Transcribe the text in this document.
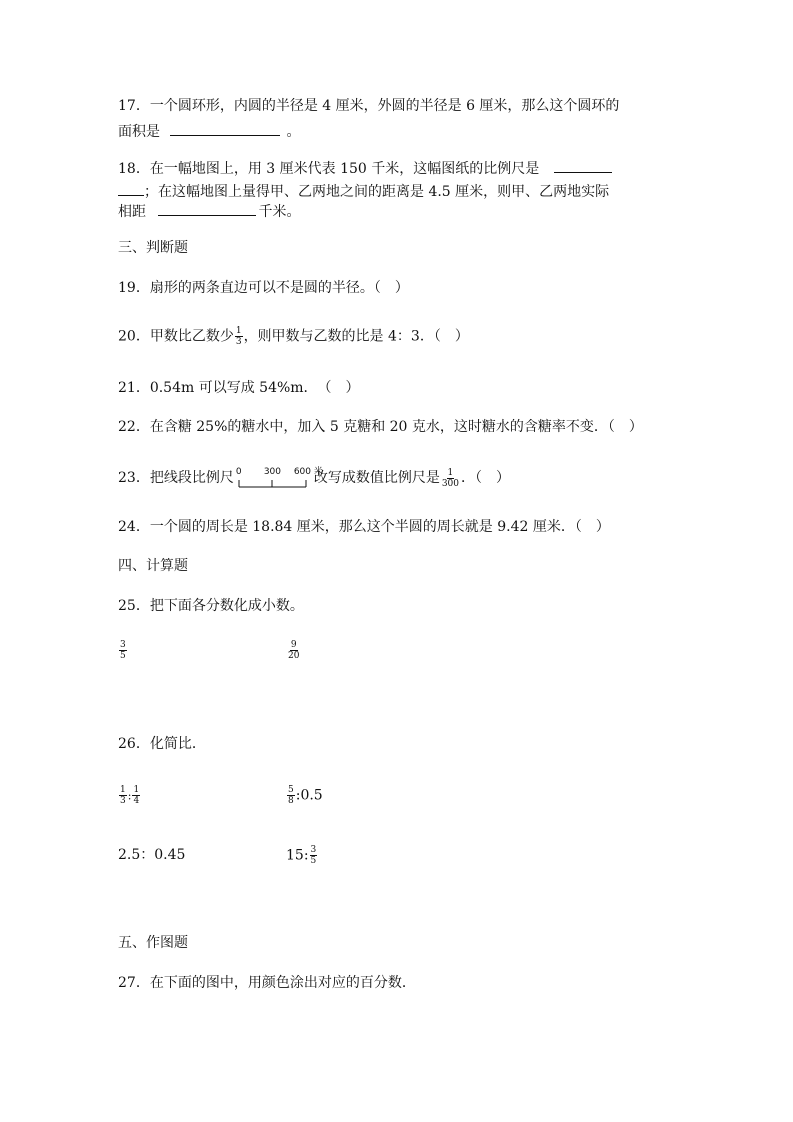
17．一个圆环形，内圆的半径是 4 厘米，外圆的半径是 6 厘米，那么这个圆环的
面积是	。
18．在一幅地图上，用 3 厘米代表 150 千米，这幅图纸的比例尺是
；在这幅地图上量得甲、乙两地之间的距离是 4.5 厘米，则甲、乙两地实际
相距	千米。
三、判断题
19．扇形的两条直边可以不是圆的半径。（　）
20．甲数比乙数少 $\frac{1}{3}$ ，则甲数与乙数的比是 4：3．（　）
21．0.54m 可以写成 54%m．　（　）
22．在含糖 25%的糖水中，加入 5 克糖和 20 克水，这时糖水的含糖率不变．（　）
23．把线段比例尺 0 300 600 米
改写成数值比例尺是 $\frac{1}{300}$ ．（　）
24．一个圆的周长是 18.84 厘米，那么这个半圆的周长就是 9.42 厘米．（　）
四、计算题
25．把下面各分数化成小数。
$\frac{3}{5}$	$\frac{9}{20}$
26．化简比．
$\frac{1}{3}$ : $\frac{1}{4}$	$\frac{5}{8}$ :0.5
2.5：0.45	15: $\frac{3}{5}$
五、作图题
27．在下面的图中，用颜色涂出对应的百分数．
